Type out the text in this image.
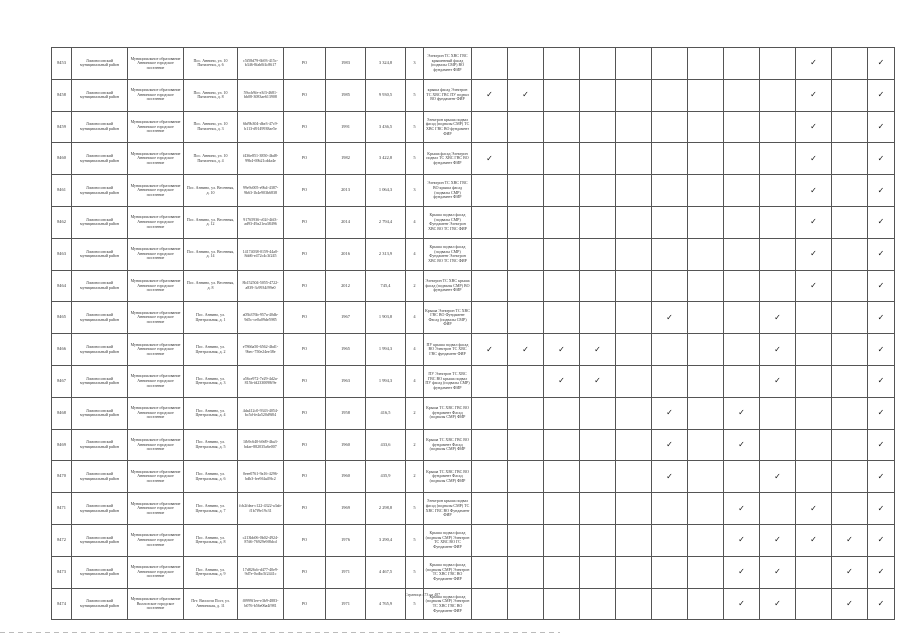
8453	Ломоносовский муниципальный район	Муниципальное образование Аннинское городское поселение	Пос. Аннино, ул. 10 Пятилетки, д. 6	c5f58d79-6b93-415c-b346-8fab0f4c8617	РО	1983	3 324,8	3	Электрон ТС ХВС ГВС крышенный фасад (подвалы СМР) ВО фундамент ФИР										✓		✓
8458	Ломоносовский муниципальный район	Муниципальное образование Аннинское городское поселение	Пос. Аннино, ул. 10 Пятилетки, д. 8	59ccb9fe-e3f3-4681-bb08-3083ae613908	РО	1985	9 930,5	5	крыша фасад Электрон ТС ХВС ГВС ПУ подвал ВО фундамент ФИР	✓	✓								✓		✓
8459	Ломоносовский муниципальный район	Муниципальное образование Аннинское городское поселение	Пос. Аннино, ул. 10 Пятилетки, д. 3	6bf9b304-dbe3-47c9-b113-d9149938ae5e	РО	1991	3 436,5	5	Электрон крыша подвал фасад (подвалы СМР) ТС ХВС ГВС ВО фундамент ФИР										✓		✓
8460	Ломоносовский муниципальный район	Муниципальное образование Аннинское городское поселение	Пос. Аннино, ул. 10 Пятилетки, д. 4	f436e851-3850-4bd8-99b4-69b21cdda4e	РО	1982	3 422,8	5	Крыша фасад Электрон подвал ТС ХВС ГВС ВО фундамент ФИР	✓									✓		✓
8461	Ломоносовский муниципальный район	Муниципальное образование Аннинское городское поселение	Пос. Аннино, ул. Весенняя, д. 10	99e9c005-e9b4-4387-9b63-1b4e903b6838	РО	2013	1 064,3	3	Электрон ТС ХВС ГВС ВО крыша фасад (подвалы СМР) фундамент ФИР										✓		✓
8462	Ломоносовский муниципальный район	Муниципальное образование Аннинское городское поселение	Пос. Аннино, ул. Весенняя, д. 12	91765936-c02f-4fd3-ad93-49a21ea38496	РО	2014	2 794,4	4	Крыша подвал фасад (подвалы СМР) Фундамент Электрон ХВС ВО ТС ГВС ФИР										✓		✓
8463	Ломоносовский муниципальный район	Муниципальное образование Аннинское городское поселение	Пос. Аннино, ул. Весенняя, д. 14	14174038-0159-44a0-8dd6-e472c4c3f245	РО	2016	2 313,9	4	Крыша подвал фасад (подвалы СМР) Фундамент Электрон ХВС ВО ТС ГВС ФИР										✓		✓
8464	Ломоносовский муниципальный район	Муниципальное образование Аннинское городское поселение	Пос. Аннино, ул. Весенняя, д. 8	8b152504-5055-4722-a839-3c9934f99e0	РО	2012	745,4	2	Электрон ТС ХВС крыша фасад (подвалы СМР) ВО фундамент ФИР										✓		✓
8465	Ломоносовский муниципальный район	Муниципальное образование Аннинское городское поселение	Пос. Аннино, ул. Центральная, д. 1	a05b376b-957a-40db-9d5c-ce0a09de5985	РО	1967	1 903,8	4	Крыша Электрон ТС ХВС ГВС ВО Фундамент Фасад (подвалы СМР) ФИР						✓			✓			✓
8466	Ломоносовский муниципальный район	Муниципальное образование Аннинское городское поселение	Пос. Аннино, ул. Центральная, д. 2	e7866a50-6562-4bd1-9bec-750e24ee38e	РО	1965	1 994,3	4	ПУ крыша подвал фасад ВО Электрон ТС ХВС ГВС фундамент ФИР	✓	✓	✓	✓					✓			✓
8467	Ломоносовский муниципальный район	Муниципальное образование Аннинское городское поселение	Пос. Аннино, ул. Центральная, д. 3	a56ce972-7e29-4d2a-815b-fd2330098f9e	РО	1963	1 994,3	4	ПУ Электрон ТС ХВС ГВС ВО крыша подвал ПУ фасад (подвалы СМР) фундамент ФИР			✓	✓					✓			✓
8468	Ломоносовский муниципальный район	Муниципальное образование Аннинское городское поселение	Пос. Аннино, ул. Центральная, д. 4	4da412c0-9343-4054-bc5d-fe4a520d9f04	РО	1958	416,5	2	Крыша ТС ХВС ГВС ВО фундамент Фасад (подвалы СМР) ФИР						✓		✓				✓
8469	Ломоносовский муниципальный район	Муниципальное образование Аннинское городское поселение	Пос. Аннино, ул. Центральная, д. 5	1fb9c640-b9d9-4ba3-bdae-882035a6e007	РО	1960	433,6	2	Крыша ТС ХВС ГВС ВО фундамент Фасад (подвалы СМР) ФИР						✓		✓				✓
8470	Ломоносовский муниципальный район	Муниципальное образование Аннинское городское поселение	Пос. Аннино, ул. Центральная, д. 6	0eee0761-9a16-4296-bdb3-fee9f4a49fc2	РО	1960	435,9	2	Крыша ТС ХВС ГВС ВО фундамент Фасад (подвалы СМР) ФИР						✓			✓			✓
8471	Ломоносовский муниципальный район	Муниципальное образование Аннинское городское поселение	Пос. Аннино, ул. Центральная, д. 7	fcb2fdea-c122-4322-a3ab-f1b7f9e19c31	РО	1969	2 298,8	5	Электрон крыша подвал фасад (подвалы СМР) ТС ХВС ГВС ВО Фундамент ФИР								✓		✓		✓
8472	Ломоносовский муниципальный район	Муниципальное образование Аннинское городское поселение	Пос. Аннино, ул. Центральная, д. 8	c213bb06-0b02-4924-87d6-76929e9f8dcd	РО	1976	3 290,4	5	Крыша подвал фасад (подвалы СМР) Электрон ТС ХВС ВО ГС Фундамент ФИР								✓	✓	✓	✓	✓
8473	Ломоносовский муниципальный район	Муниципальное образование Аннинское городское поселение	Пос. Аннино, ул. Центральная, д. 9	17d826cb-d477-40e9-9d7e-0cdbc5f2441c	РО	1971	4 467,5	5	Крыша подвал фасад (подвалы СМР) Электрон ТС ХВС ГВС ВО Фундамент ФИР								✓	✓		✓	✓
8474	Ломоносовский муниципальный район	Муниципальное образование Виллозское городское поселение	Пгт. Виллози Пост, ул. Аннинская, д. 11	f0999f1ee-e3b9-4883-b076-b56e06a4f981	РО	1971	4 765,9	5	Крыша подвал фасад (подвалы СМР) Электрон ТС ХВС ГВС ВО Фундамент ФИР								✓	✓		✓	✓
Страница 473 из 487
